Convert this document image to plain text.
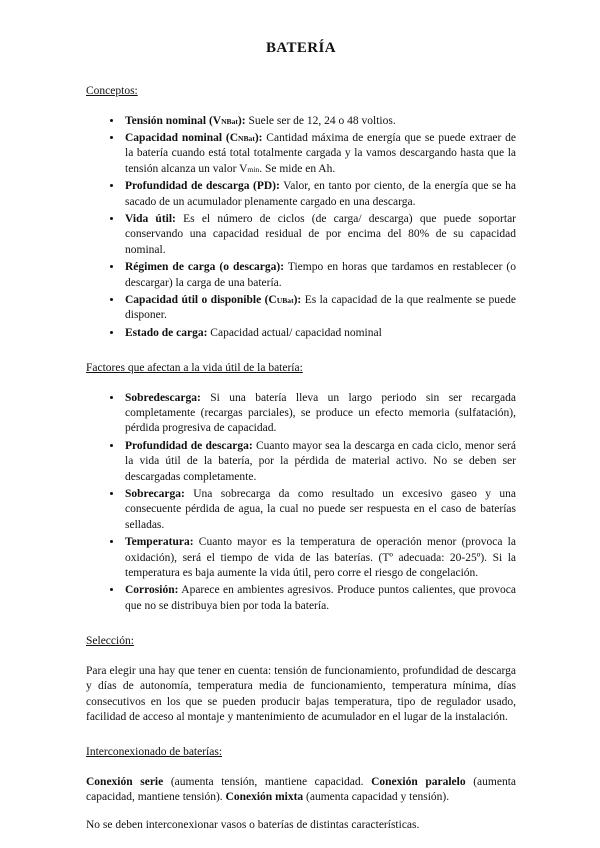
BATERÍA

Conceptos:

• Tensión nominal (VNBat): Suele ser de 12, 24 o 48 voltios.
• Capacidad nominal (CNBat): Cantidad máxima de energía que se puede extraer de la batería cuando está total totalmente cargada y la vamos descargando hasta que la tensión alcanza un valor Vmin. Se mide en Ah.
• Profundidad de descarga (PD): Valor, en tanto por ciento, de la energía que se ha sacado de un acumulador plenamente cargado en una descarga.
• Vida útil: Es el número de ciclos (de carga/ descarga) que puede soportar conservando una capacidad residual de por encima del 80% de su capacidad nominal.
• Régimen de carga (o descarga): Tiempo en horas que tardamos en restablecer (o descargar) la carga de una batería.
• Capacidad útil o disponible (CUBat): Es la capacidad de la que realmente se puede disponer.
• Estado de carga: Capacidad actual/ capacidad nominal

Factores que afectan a la vida útil de la batería:

• Sobredescarga: Si una batería lleva un largo periodo sin ser recargada completamente (recargas parciales), se produce un efecto memoria (sulfatación), pérdida progresiva de capacidad.
• Profundidad de descarga: Cuanto mayor sea la descarga en cada ciclo, menor será la vida útil de la batería, por la pérdida de material activo. No se deben ser descargadas completamente.
• Sobrecarga: Una sobrecarga da como resultado un excesivo gaseo y una consecuente pérdida de agua, la cual no puede ser respuesta en el caso de baterías selladas.
• Temperatura: Cuanto mayor es la temperatura de operación menor (provoca la oxidación), será el tiempo de vida de las baterías. (Tº adecuada: 20-25º). Si la temperatura es baja aumente la vida útil, pero corre el riesgo de congelación.
• Corrosión: Aparece en ambientes agresivos. Produce puntos calientes, que provoca que no se distribuya bien por toda la batería.

Selección:

Para elegir una hay que tener en cuenta: tensión de funcionamiento, profundidad de descarga y días de autonomía, temperatura media de funcionamiento, temperatura mínima, días consecutivos en los que se pueden producir bajas temperatura, tipo de regulador usado, facilidad de acceso al montaje y mantenimiento de acumulador en el lugar de la instalación.

Interconexionado de baterías:

Conexión serie (aumenta tensión, mantiene capacidad. Conexión paralelo (aumenta capacidad, mantiene tensión). Conexión mixta (aumenta capacidad y tensión).

No se deben interconexionar vasos o baterías de distintas características.
